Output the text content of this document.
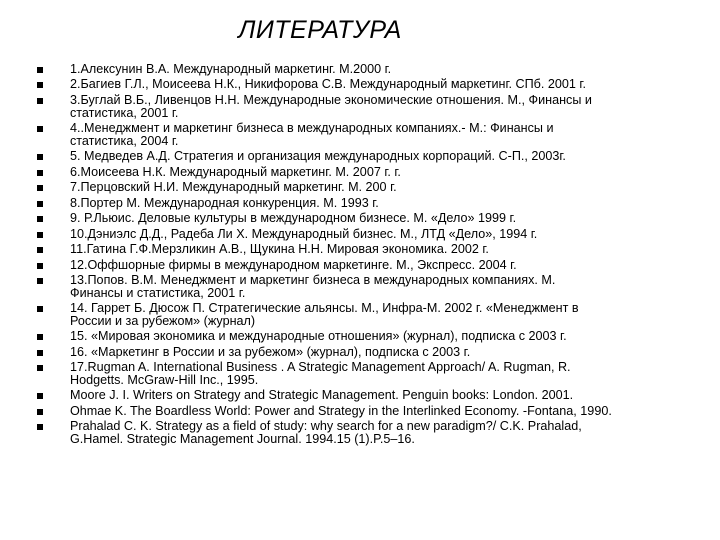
ЛИТЕРАТУРА
1.Алексунин В.А. Международный маркетинг. М.2000 г.
2.Багиев Г.Л., Моисеева Н.К., Никифорова С.В. Международный маркетинг. СПб. 2001 г.
3.Буглай В.Б., Ливенцов Н.Н. Международные экономические отношения. М., Финансы и
статистика, 2001 г.
4..Менеджмент и маркетинг бизнеса в международных компаниях.- М.: Финансы и
статистика, 2004 г.
5. Медведев А.Д. Стратегия и организация международных корпораций. С-П., 2003г.
6.Моисеева Н.К. Международный маркетинг. М. 2007 г. г.
7.Перцовский Н.И. Международный маркетинг. М. 200 г.
8.Портер М. Международная конкуренция. М. 1993 г.
9. Р.Льюис. Деловые культуры в международном бизнесе. М. «Дело» 1999 г.
10.Дэниэлс Д.Д., Радеба Ли Х. Международный бизнес. М., ЛТД «Дело», 1994 г.
11.Гатина Г.Ф.Мерзликин А.В., Щукина Н.Н. Мировая экономика. 2002 г.
12.Оффшорные фирмы в международном маркетинге. М., Экспресс. 2004 г.
13.Попов. В.М. Менеджмент и маркетинг бизнеса в международных компаниях. М.
Финансы и статистика, 2001 г.
14. Гаррет Б. Дюсож П. Стратегические альянсы. М., Инфра-М. 2002 г. «Менеджмент в
России и за рубежом» (журнал)
15. «Мировая экономика и международные отношения» (журнал), подписка с 2003 г.
16. «Маркетинг в России и за рубежом» (журнал), подписка с 2003 г.
17.Rugman A. International Business . A Strategic Management Approach/ A. Rugman, R.
Hodgetts. McGraw-Hill Inc., 1995.
Moore J. I. Writers on Strategy and Strategic Management. Penguin books: London. 2001.
Ohmae K. The Boardless World: Power and Strategy in the Interlinked Economy. -Fontana, 1990.
Prahalad C. K. Strategy as a field of study: why search for a new paradigm?/ C.K. Prahalad,
G.Hamel. Strategic Management Journal. 1994.15 (1).P.5–16.
